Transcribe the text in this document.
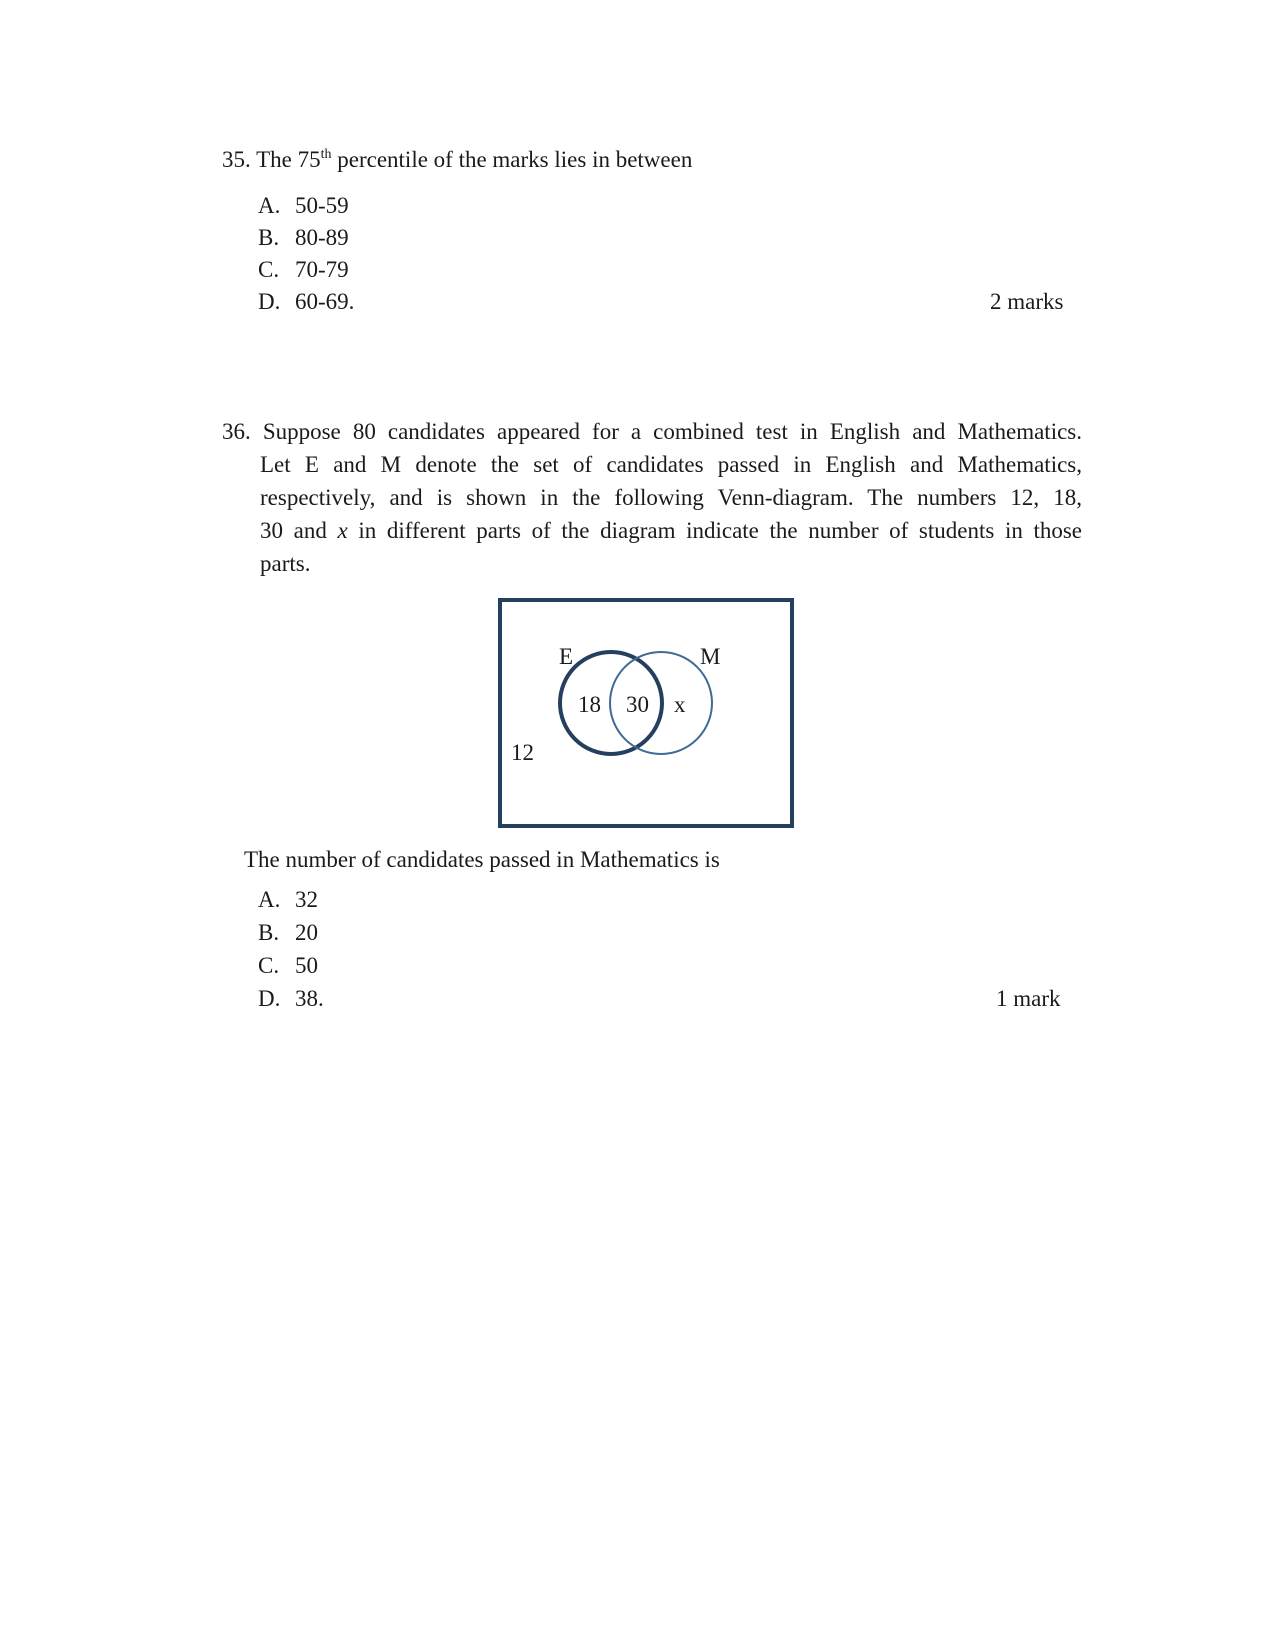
35. The 75th percentile of the marks lies in between
A. 50-59
B. 80-89
C. 70-79
D. 60-69.	2 marks
36. Suppose 80 candidates appeared for a combined test in English and Mathematics.
Let E and M denote the set of candidates passed in English and Mathematics,
respectively, and is shown in the following Venn-diagram. The numbers 12, 18,
30 and x in different parts of the diagram indicate the number of students in those
parts.
E	M
18 30 x
12
The number of candidates passed in Mathematics is
A. 32
B. 20
C. 50
D. 38.	1 mark
